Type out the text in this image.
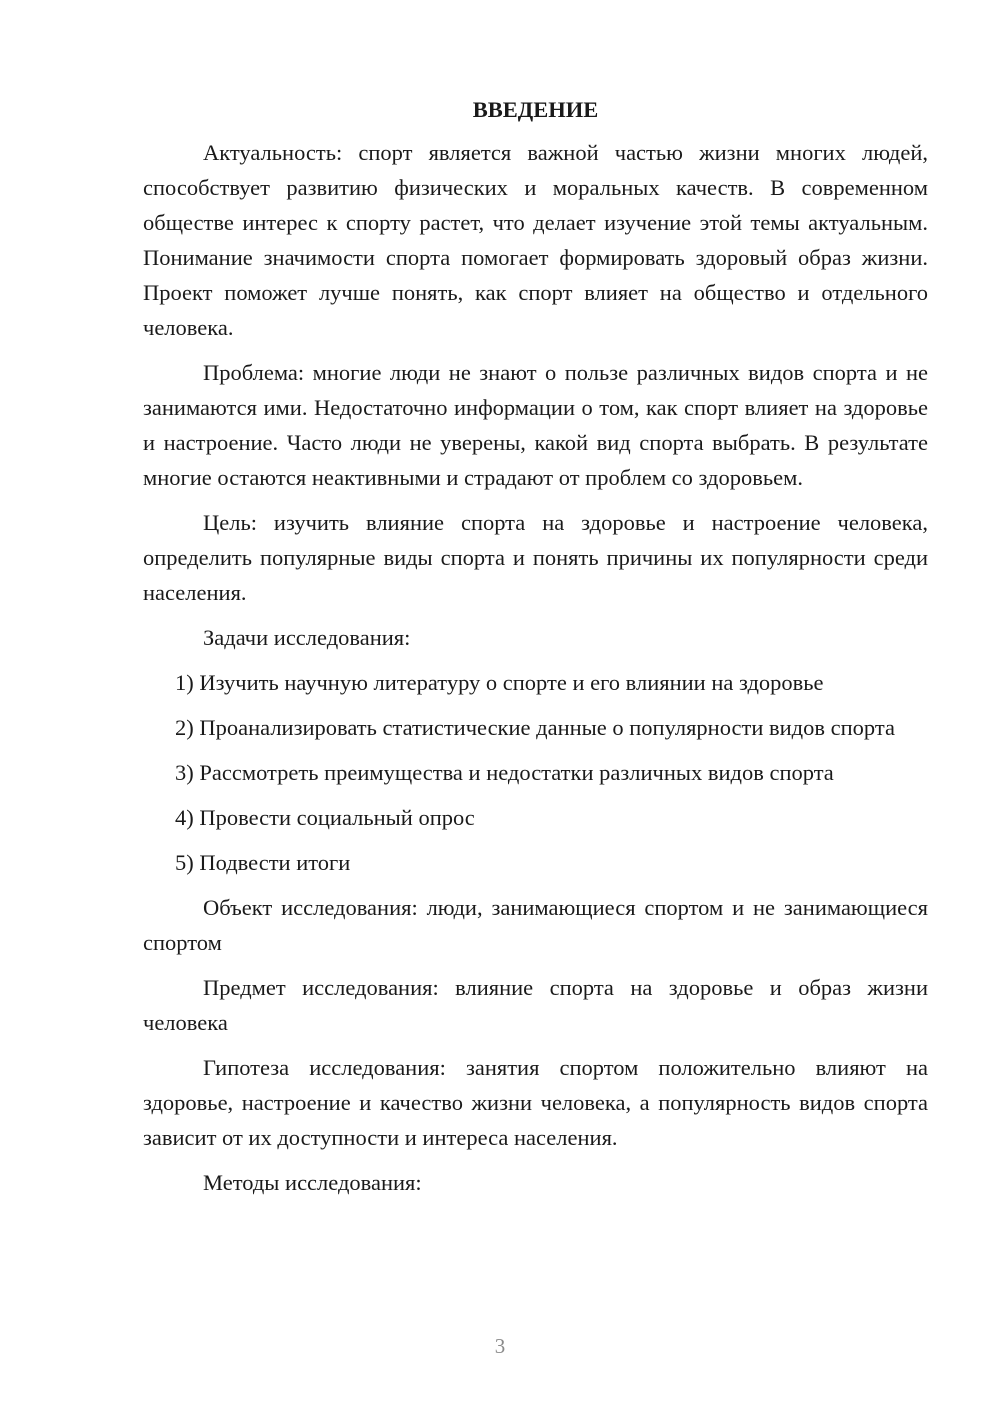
ВВЕДЕНИЕ

Актуальность: спорт является важной частью жизни многих людей, способствует развитию физических и моральных качеств. В современном обществе интерес к спорту растет, что делает изучение этой темы актуальным. Понимание значимости спорта помогает формировать здоровый образ жизни. Проект поможет лучше понять, как спорт влияет на общество и отдельного человека.

Проблема: многие люди не знают о пользе различных видов спорта и не занимаются ими. Недостаточно информации о том, как спорт влияет на здоровье и настроение. Часто люди не уверены, какой вид спорта выбрать. В результате многие остаются неактивными и страдают от проблем со здоровьем.

Цель: изучить влияние спорта на здоровье и настроение человека, определить популярные виды спорта и понять причины их популярности среди населения.

Задачи исследования:

1) Изучить научную литературу о спорте и его влиянии на здоровье

2) Проанализировать статистические данные о популярности видов спорта

3) Рассмотреть преимущества и недостатки различных видов спорта

4) Провести социальный опрос

5) Подвести итоги

Объект исследования: люди, занимающиеся спортом и не занимающиеся спортом

Предмет исследования: влияние спорта на здоровье и образ жизни человека

Гипотеза исследования: занятия спортом положительно влияют на здоровье, настроение и качество жизни человека, а популярность видов спорта зависит от их доступности и интереса населения.

Методы исследования:

3
